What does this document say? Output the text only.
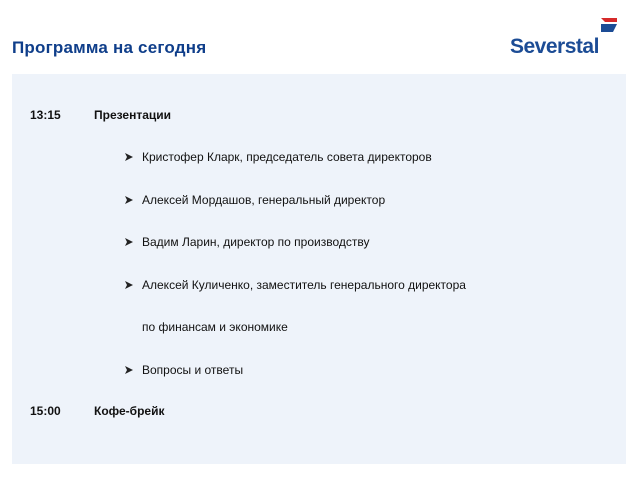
Программа на сегодня	Severstal
13:15	Презентации
Кристофер Кларк, председатель совета директоров
Алексей Мордашов, генеральный директор
Вадим Ларин, директор по производству
Алексей Куличенко, заместитель генерального директора
по финансам и экономике
Вопросы и ответы
15:00	Кофе-брейк
